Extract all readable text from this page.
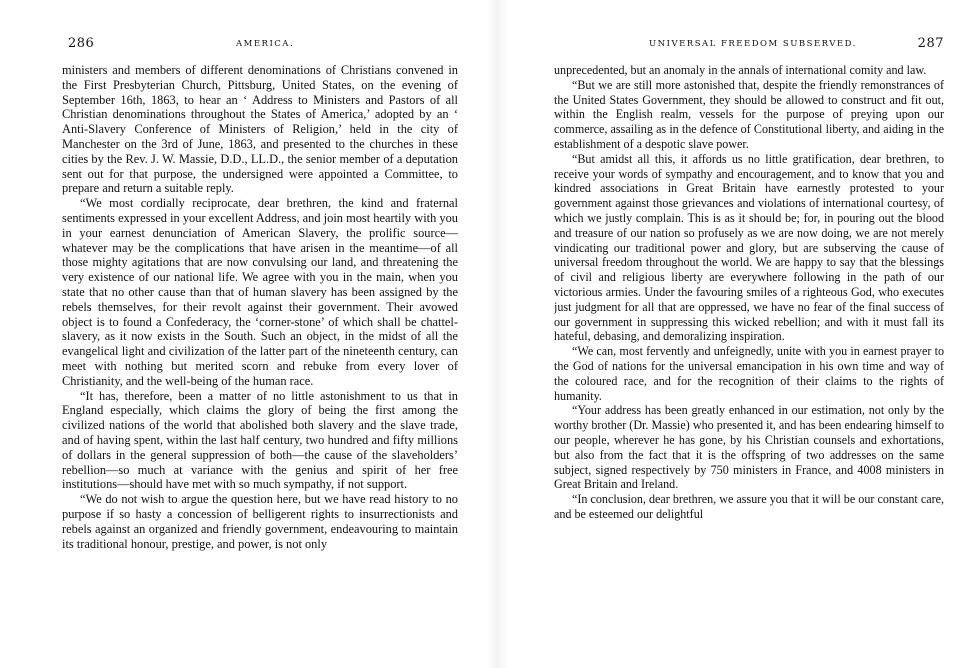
286	AMERICA.

ministers and members of different denominations of Christians convened in the First Presbyterian Church, Pittsburg, United States, on the evening of September 16th, 1863, to hear an ‘ Address to Ministers and Pastors of all Christian denominations throughout the States of America,’ adopted by an ‘ Anti-Slavery Conference of Ministers of Religion,’ held in the city of Manchester on the 3rd of June, 1863, and presented to the churches in these cities by the Rev. J. W. Massie, D.D., LL.D., the senior member of a deputation sent out for that purpose, the undersigned were appointed a Committee, to prepare and return a suitable reply.

“We most cordially reciprocate, dear brethren, the kind and fraternal sentiments expressed in your excellent Address, and join most heartily with you in your earnest denunciation of American Slavery, the prolific source—whatever may be the complications that have arisen in the meantime—of all those mighty agitations that are now convulsing our land, and threatening the very existence of our national life. We agree with you in the main, when you state that no other cause than that of human slavery has been assigned by the rebels themselves, for their revolt against their government. Their avowed object is to found a Confederacy, the ‘corner-stone’ of which shall be chattel-slavery, as it now exists in the South. Such an object, in the midst of all the evangelical light and civilization of the latter part of the nineteenth century, can meet with nothing but merited scorn and rebuke from every lover of Christianity, and the well-being of the human race.

“It has, therefore, been a matter of no little astonishment to us that in England especially, which claims the glory of being the first among the civilized nations of the world that abolished both slavery and the slave trade, and of having spent, within the last half century, two hundred and fifty millions of dollars in the general suppression of both—the cause of the slaveholders’ rebellion—so much at variance with the genius and spirit of her free institutions—should have met with so much sympathy, if not support.

“We do not wish to argue the question here, but we have read history to no purpose if so hasty a concession of belligerent rights to insurrectionists and rebels against an organized and friendly government, endeavouring to maintain its traditional honour, prestige, and power, is not only

UNIVERSAL FREEDOM SUBSERVED.	287

unprecedented, but an anomaly in the annals of international comity and law.

“But we are still more astonished that, despite the friendly remonstrances of the United States Government, they should be allowed to construct and fit out, within the English realm, vessels for the purpose of preying upon our commerce, assailing as in the defence of Constitutional liberty, and aiding in the establishment of a despotic slave power.

“But amidst all this, it affords us no little gratification, dear brethren, to receive your words of sympathy and encouragement, and to know that you and kindred associations in Great Britain have earnestly protested to your government against those grievances and violations of international courtesy, of which we justly complain. This is as it should be; for, in pouring out the blood and treasure of our nation so profusely as we are now doing, we are not merely vindicating our traditional power and glory, but are subserving the cause of universal freedom throughout the world. We are happy to say that the blessings of civil and religious liberty are everywhere following in the path of our victorious armies. Under the favouring smiles of a righteous God, who executes just judgment for all that are oppressed, we have no fear of the final success of our government in suppressing this wicked rebellion; and with it must fall its hateful, debasing, and demoralizing inspiration.

“We can, most fervently and unfeignedly, unite with you in earnest prayer to the God of nations for the universal emancipation in his own time and way of the coloured race, and for the recognition of their claims to the rights of humanity.

“Your address has been greatly enhanced in our estimation, not only by the worthy brother (Dr. Massie) who presented it, and has been endearing himself to our people, wherever he has gone, by his Christian counsels and exhortations, but also from the fact that it is the offspring of two addresses on the same subject, signed respectively by 750 ministers in France, and 4008 ministers in Great Britain and Ireland.

“In conclusion, dear brethren, we assure you that it will be our constant care, and be esteemed our delightful
